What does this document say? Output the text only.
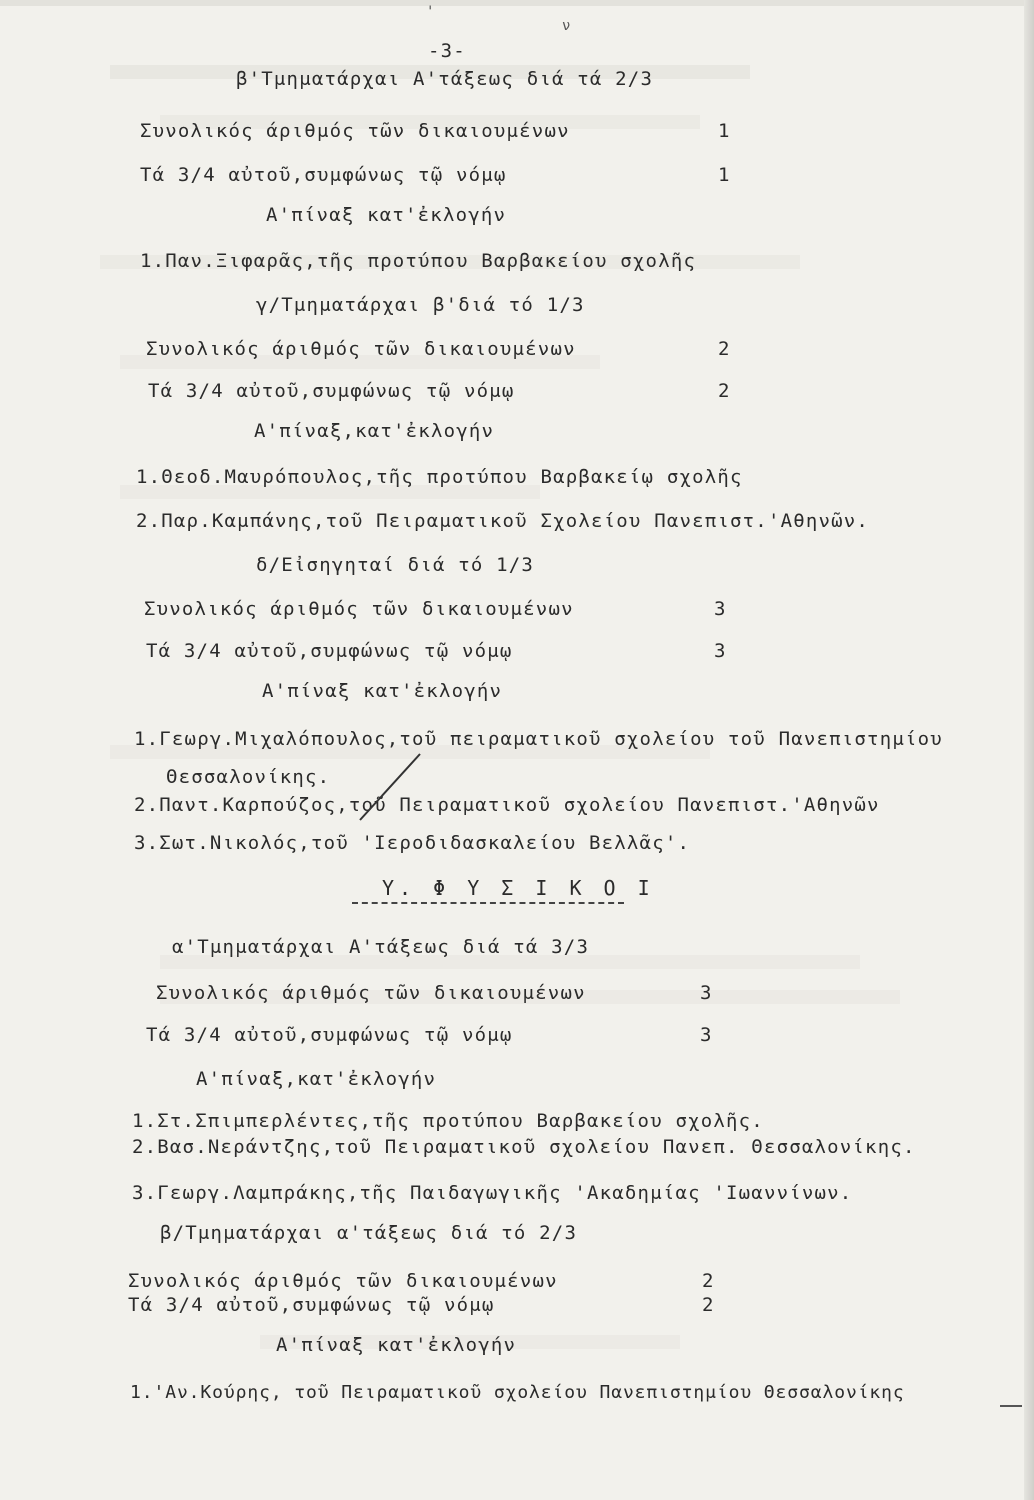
'
ν
-3-
β'Τμηματάρχαι Α'τάξεως διά τά 2/3
Συνολικός άριθμός τῶν δικαιουμένων	1
Τά 3/4 αὐτοῦ,συμφώνως τῷ νόμῳ	1
Α'πίναξ κατ'ἐκλογήν
1.Παν.Ξιφαρᾶς,τῆς προτύπου Βαρβακείου σχολῆς
γ/Τμηματάρχαι β'διά τό 1/3
Συνολικός άριθμός τῶν δικαιουμένων	2
Τά 3/4 αὐτοῦ,συμφώνως τῷ νόμῳ	2
Α'πίναξ,κατ'ἐκλογήν
1.Θεοδ.Μαυρόπουλος,τῆς προτύπου Βαρβακείῳ σχολῆς
2.Παρ.Καμπάνης,τοῦ Πειραματικοῦ Σχολείου Πανεπιστ.'Αθηνῶν.
δ/Εἰσηγηταί διά τό 1/3
Συνολικός άριθμός τῶν δικαιουμένων	3
Τά 3/4 αὐτοῦ,συμφώνως τῷ νόμῳ	3
Α'πίναξ κατ'ἐκλογήν
1.Γεωργ.Μιχαλόπουλος,τοῦ πειραματικοῦ σχολείου τοῦ Πανεπιστημίου
Θεσσαλονίκης.
2.Παντ.Καρπούζος,τοῦ Πειραματικοῦ σχολείου Πανεπιστ.'Αθηνῶν
3.Σωτ.Νικολός,τοῦ 'Ιεροδιδασκαλείου Βελλᾶς'.
Υ. Φ Υ Σ Ι Κ Ο Ι
α'Τμηματάρχαι Α'τάξεως διά τά 3/3
Συνολικός άριθμός τῶν δικαιουμένων	3
Τά 3/4 αὐτοῦ,συμφώνως τῷ νόμῳ	3
Α'πίναξ,κατ'ἐκλογήν
1.Στ.Σπιμπερλέντες,τῆς προτύπου Βαρβακείου σχολῆς.
2.Βασ.Νεράντζης,τοῦ Πειραματικοῦ σχολείου Πανεπ. Θεσσαλονίκης.
3.Γεωργ.Λαμπράκης,τῆς Παιδαγωγικῆς 'Ακαδημίας 'Ιωαννίνων.
β/Τμηματάρχαι α'τάξεως διά τό 2/3
Συνολικός άριθμός τῶν δικαιουμένων	2
Τά 3/4 αὐτοῦ,συμφώνως τῷ νόμῳ	2
Α'πίναξ κατ'ἐκλογήν
1.'Αν.Κούρης, τοῦ Πειραματικοῦ σχολείου Πανεπιστημίου Θεσσαλονίκης
